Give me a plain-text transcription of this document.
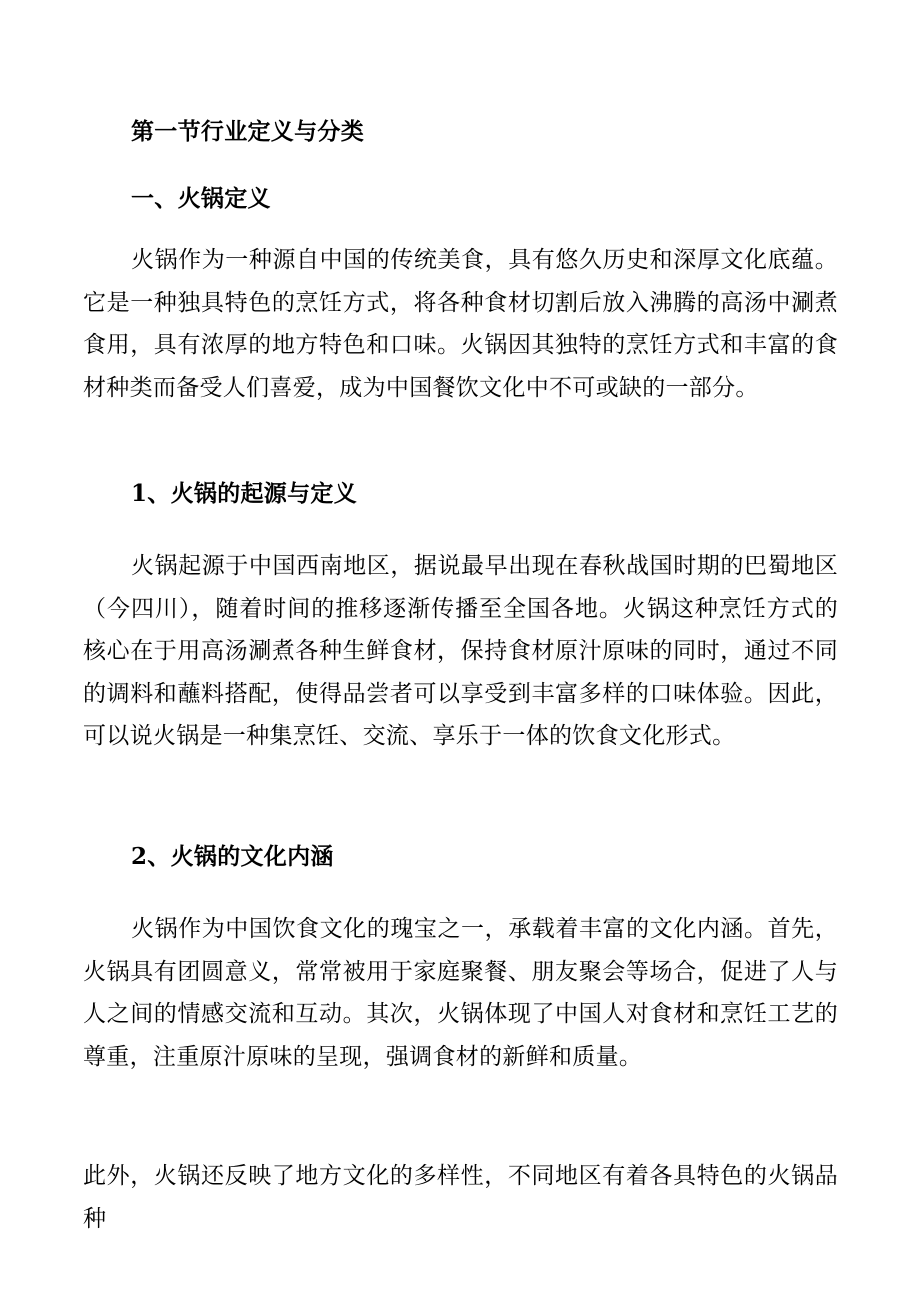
第一节行业定义与分类
一、火锅定义

火锅作为一种源自中国的传统美食，具有悠久历史和深厚文化底蕴。它是一种独具特色的烹饪方式，将各种食材切割后放入沸腾的高汤中涮煮食用，具有浓厚的地方特色和口味。火锅因其独特的烹饪方式和丰富的食材种类而备受人们喜爱，成为中国餐饮文化中不可或缺的一部分。

1、火锅的起源与定义

火锅起源于中国西南地区，据说最早出现在春秋战国时期的巴蜀地区（今四川），随着时间的推移逐渐传播至全国各地。火锅这种烹饪方式的核心在于用高汤涮煮各种生鲜食材，保持食材原汁原味的同时，通过不同的调料和蘸料搭配，使得品尝者可以享受到丰富多样的口味体验。因此，可以说火锅是一种集烹饪、交流、享乐于一体的饮食文化形式。

2、火锅的文化内涵

火锅作为中国饮食文化的瑰宝之一，承载着丰富的文化内涵。首先，火锅具有团圆意义，常常被用于家庭聚餐、朋友聚会等场合，促进了人与人之间的情感交流和互动。其次，火锅体现了中国人对食材和烹饪工艺的尊重，注重原汁原味的呈现，强调食材的新鲜和质量。

此外，火锅还反映了地方文化的多样性，不同地区有着各具特色的火锅品种
